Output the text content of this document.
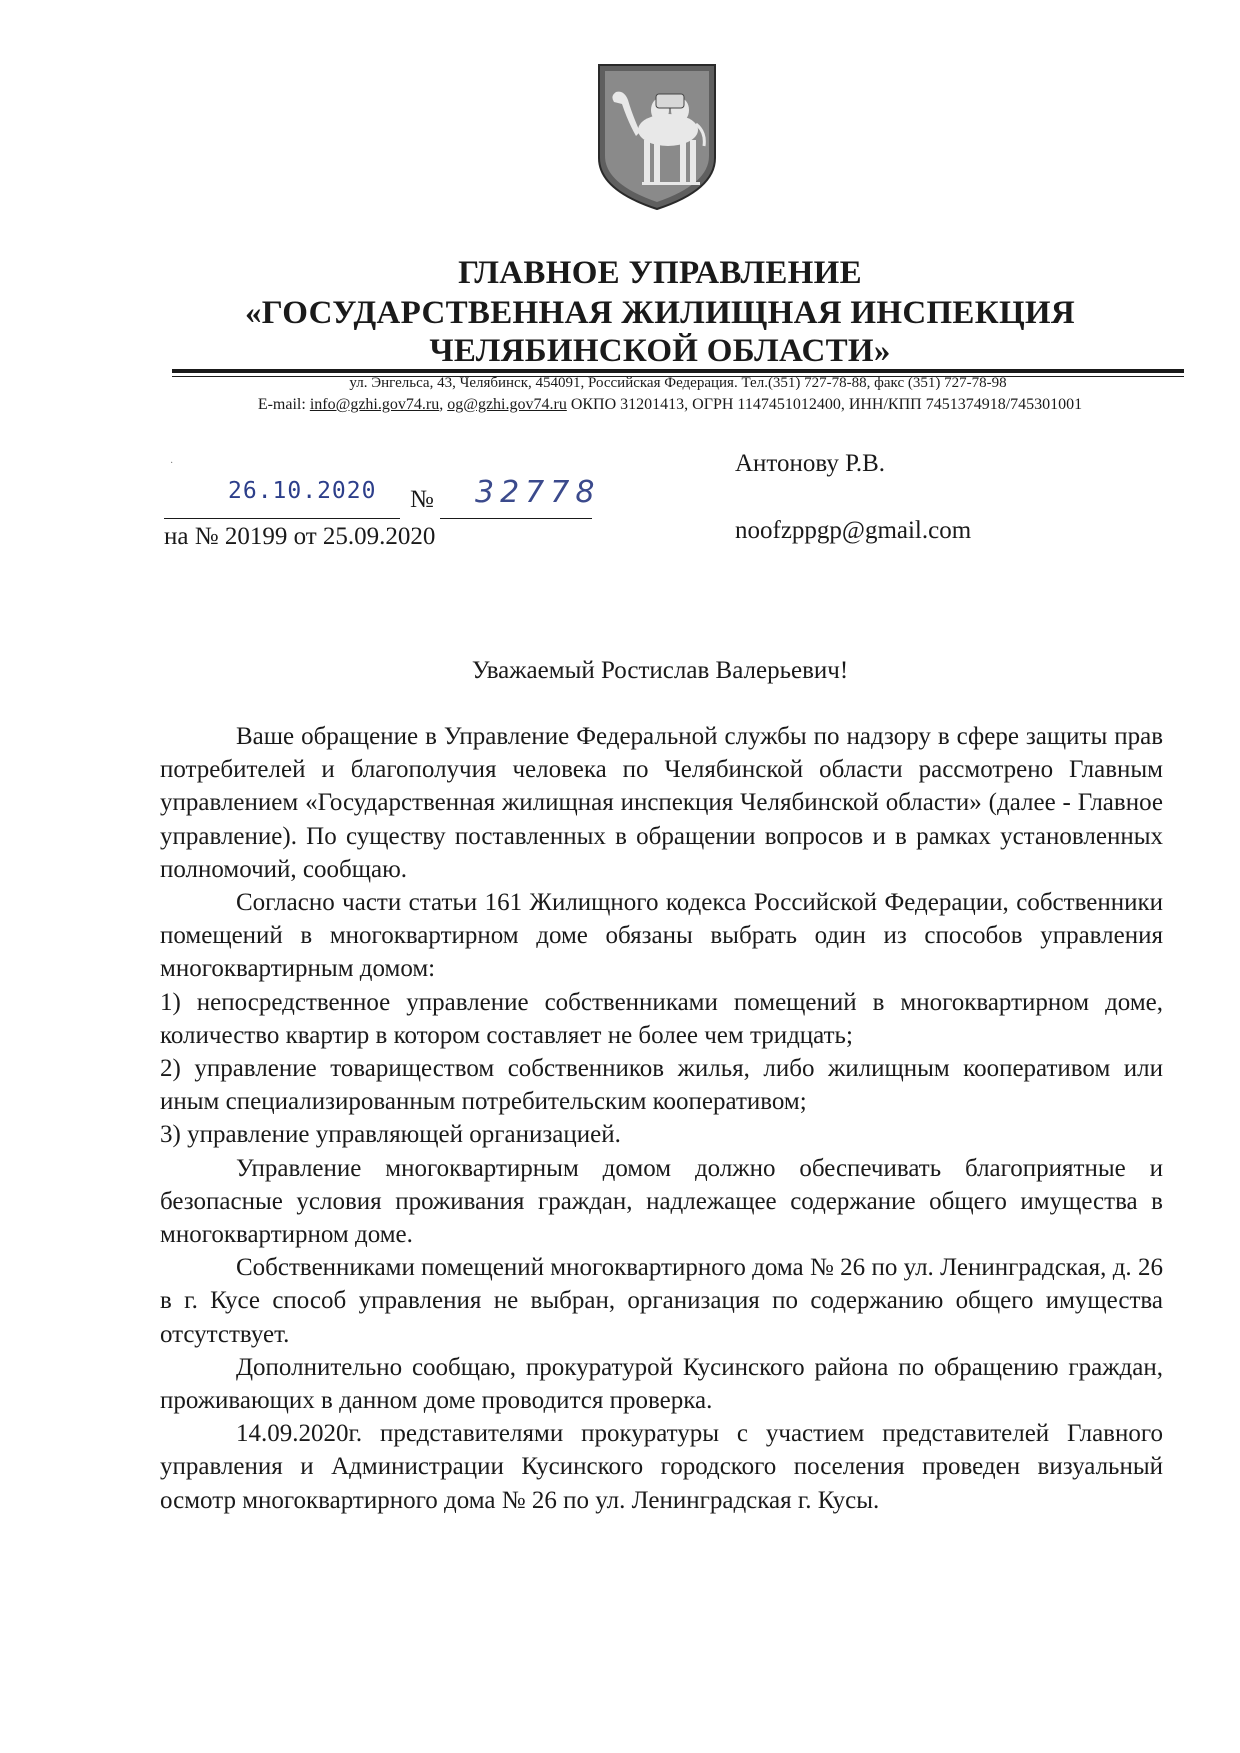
ГЛАВНОЕ УПРАВЛЕНИЕ
«ГОСУДАРСТВЕННАЯ ЖИЛИЩНАЯ ИНСПЕКЦИЯ
ЧЕЛЯБИНСКОЙ ОБЛАСТИ»
ул. Энгельса, 43, Челябинск, 454091, Российская Федерация. Тел.(351) 727-78-88, факс (351) 727-78-98
E-mail: info@gzhi.gov74.ru, og@gzhi.gov74.ru ОКПО 31201413, ОГРН 1147451012400, ИНН/КПП 7451374918/745301001
·
26.10.2020 № 32778
на № 20199 от 25.09.2020
Антонову Р.В.
noofzppgp@gmail.com
Уважаемый Ростислав Валерьевич!

Ваше обращение в Управление Федеральной службы по надзору в сфере защиты прав потребителей и благополучия человека по Челябинской области рассмотрено Главным управлением «Государственная жилищная инспекция Челябинской области» (далее - Главное управление). По существу поставленных в обращении вопросов и в рамках установленных полномочий, сообщаю.

Согласно части статьи 161 Жилищного кодекса Российской Федерации, собственники помещений в многоквартирном доме обязаны выбрать один из способов управления многоквартирным домом:

1) непосредственное управление собственниками помещений в многоквартирном доме, количество квартир в котором составляет не более чем тридцать;

2) управление товариществом собственников жилья, либо жилищным кооперативом или иным специализированным потребительским кооперативом;

3) управление управляющей организацией.

Управление многоквартирным домом должно обеспечивать благоприятные и безопасные условия проживания граждан, надлежащее содержание общего имущества в многоквартирном доме.

Собственниками помещений многоквартирного дома № 26 по ул. Ленинградская, д. 26 в г. Кусе способ управления не выбран, организация по содержанию общего имущества отсутствует.

Дополнительно сообщаю, прокуратурой Кусинского района по обращению граждан, проживающих в данном доме проводится проверка.

14.09.2020г. представителями прокуратуры с участием представителей Главного управления и Администрации Кусинского городского поселения проведен визуальный осмотр многоквартирного дома № 26 по ул. Ленинградская г. Кусы.
